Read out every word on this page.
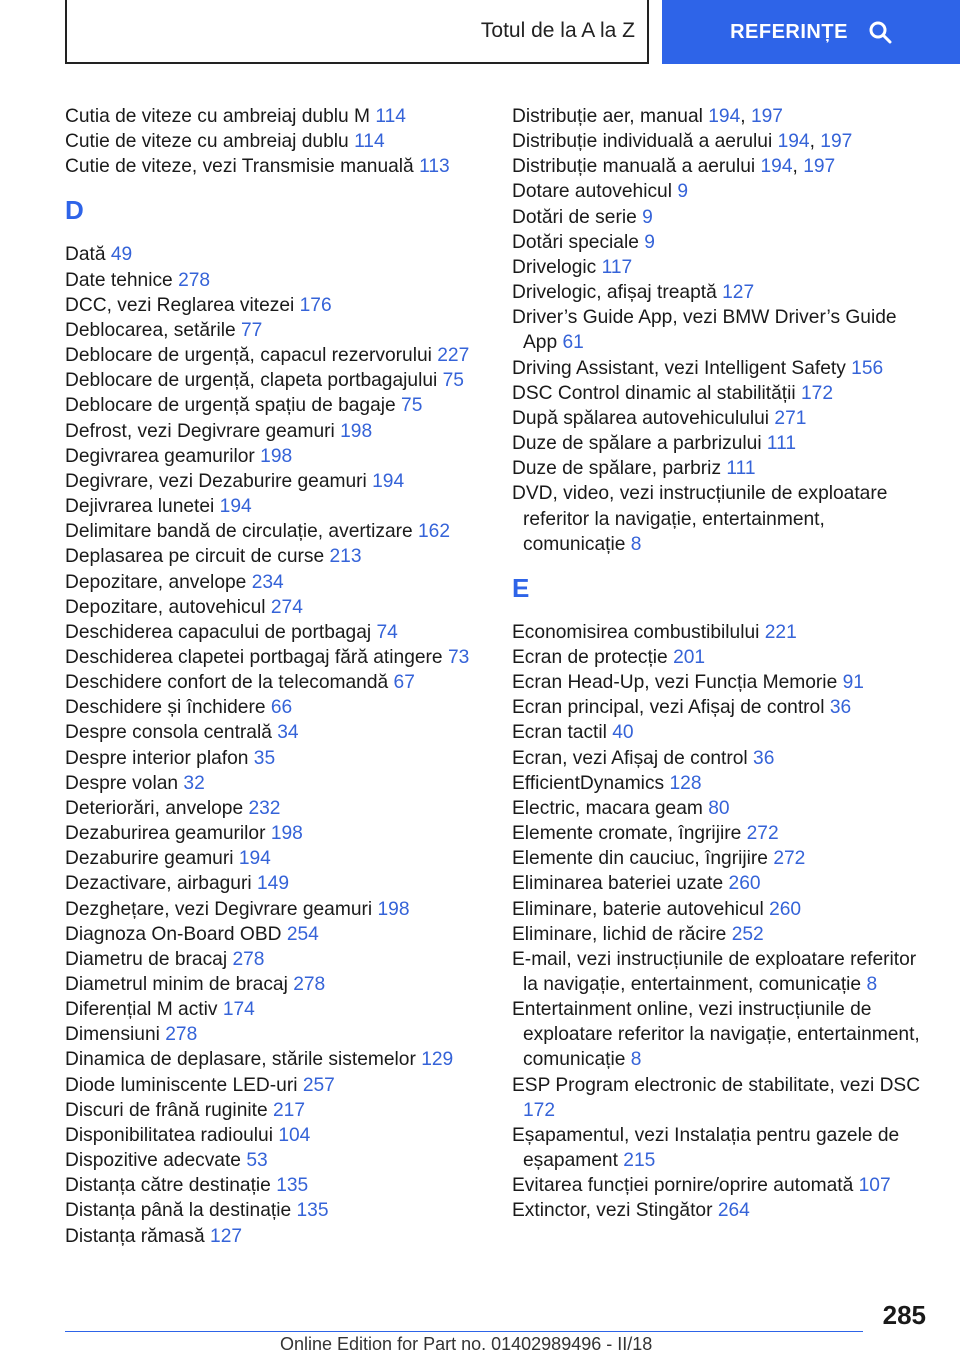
Totul de la A la Z	REFERINȚE
Cutia de viteze cu ambreiaj dublu M 114
Cutie de viteze cu ambreiaj dublu 114
Cutie de viteze, vezi Transmisie manuală 113
D
Dată 49
Date tehnice 278
DCC, vezi Reglarea vitezei 176
Deblocarea, setările 77
Deblocare de urgență, capacul rezervorului 227
Deblocare de urgență, clapeta portbagajului 75
Deblocare de urgență spațiu de bagaje 75
Defrost, vezi Degivrare geamuri 198
Degivrarea geamurilor 198
Degivrare, vezi Dezaburire geamuri 194
Dejivrarea lunetei 194
Delimitare bandă de circulație, avertizare 162
Deplasarea pe circuit de curse 213
Depozitare, anvelope 234
Depozitare, autovehicul 274
Deschiderea capacului de portbagaj 74
Deschiderea clapetei portbagaj fără atingere 73
Deschidere confort de la telecomandă 67
Deschidere și închidere 66
Despre consola centrală 34
Despre interior plafon 35
Despre volan 32
Deteriorări, anvelope 232
Dezaburirea geamurilor 198
Dezaburire geamuri 194
Dezactivare, airbaguri 149
Dezghețare, vezi Degivrare geamuri 198
Diagnoza On-Board OBD 254
Diametru de bracaj 278
Diametrul minim de bracaj 278
Diferențial M activ 174
Dimensiuni 278
Dinamica de deplasare, stările sistemelor 129
Diode luminiscente LED-uri 257
Discuri de frână ruginite 217
Disponibilitatea radioului 104
Dispozitive adecvate 53
Distanța către destinație 135
Distanța până la destinație 135
Distanța rămasă 127
Distribuție aer, manual 194, 197
Distribuție individuală a aerului 194, 197
Distribuție manuală a aerului 194, 197
Dotare autovehicul 9
Dotări de serie 9
Dotări speciale 9
Drivelogic 117
Drivelogic, afișaj treaptă 127
Driver’s Guide App, vezi BMW Driver’s Guide App 61
Driving Assistant, vezi Intelligent Safety 156
DSC Control dinamic al stabilității 172
După spălarea autovehiculului 271
Duze de spălare a parbrizului 111
Duze de spălare, parbriz 111
DVD, video, vezi instrucțiunile de exploatare referitor la navigație, entertainment, comunicație 8
E
Economisirea combustibilului 221
Ecran de protecție 201
Ecran Head-Up, vezi Funcția Memorie 91
Ecran principal, vezi Afișaj de control 36
Ecran tactil 40
Ecran, vezi Afișaj de control 36
EfficientDynamics 128
Electric, macara geam 80
Elemente cromate, îngrijire 272
Elemente din cauciuc, îngrijire 272
Eliminarea bateriei uzate 260
Eliminare, baterie autovehicul 260
Eliminare, lichid de răcire 252
E-mail, vezi instrucțiunile de exploatare referitor la navigație, entertainment, comunicație 8
Entertainment online, vezi instrucțiunile de exploatare referitor la navigație, entertainment, comunicație 8
ESP Program electronic de stabilitate, vezi DSC 172
Eșapamentul, vezi Instalația pentru gazele de eșapament 215
Evitarea funcției pornire/oprire automată 107
Extinctor, vezi Stingător 264
285
Online Edition for Part no. 01402989496 - II/18
